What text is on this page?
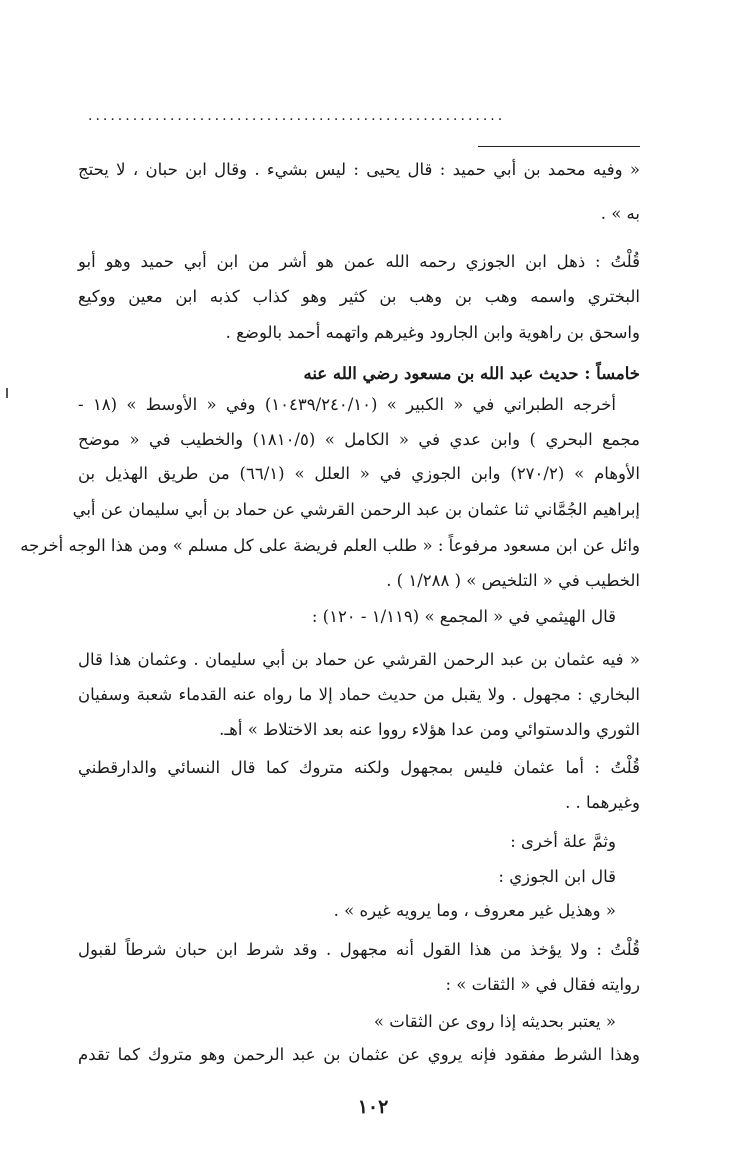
........................................................
« وفيه محمد بن أبي حميد : قال يحيى : ليس بشيء . وقال ابن حبان ، لا يحتج
به » .
قُلْتُ : ذهل ابن الجوزي رحمه الله عمن هو أشر من ابن أبي حميد وهو أبو
البختري واسمه وهب بن وهب بن كثير وهو كذاب كذبه ابن معين ووكيع
واسحق بن راهوية وابن الجارود وغيرهم واتهمه أحمد بالوضع .
خامساً : حديث عبد الله بن مسعود رضي الله عنه
أخرجه الطبراني في « الكبير » (١٠٤٣٩/٢٤٠/١٠) وفي « الأوسط » (١٨ -
مجمع البحري ) وابن عدي في « الكامل » (١٨١٠/٥) والخطيب في « موضح
الأوهام » (٢٧٠/٢) وابن الجوزي في « العلل » (٦٦/١) من طريق الهذيل بن
إبراهيم الجُمَّاني ثنا عثمان بن عبد الرحمن القرشي عن حماد بن أبي سليمان عن أبي
وائل عن ابن مسعود مرفوعاً : « طلب العلم فريضة على كل مسلم » ومن هذا الوجه أخرجه
الخطيب في « التلخيص » ( ١/٢٨٨ ) .
قال الهيثمي في « المجمع » (١/١١٩ - ١٢٠) :
« فيه عثمان بن عبد الرحمن القرشي عن حماد بن أبي سليمان . وعثمان هذا قال
البخاري : مجهول . ولا يقبل من حديث حماد إلا ما رواه عنه القدماء شعبة وسفيان
الثوري والدستوائي ومن عدا هؤلاء رووا عنه بعد الاختلاط » أهـ.
قُلْتُ : أما عثمان فليس بمجهول ولكنه متروك كما قال النسائي والدارقطني
وغيرهما . .
وثمَّ علة أخرى :
قال ابن الجوزي :
« وهذيل غير معروف ، وما يرويه غيره » .
قُلْتُ : ولا يؤخذ من هذا القول أنه مجهول . وقد شرط ابن حبان شرطاً لقبول
روايته فقال في « الثقات » :
« يعتبر بحديثه إذا روى عن الثقات »
وهذا الشرط مفقود فإنه يروي عن عثمان بن عبد الرحمن وهو متروك كما تقدم
١٠٢
